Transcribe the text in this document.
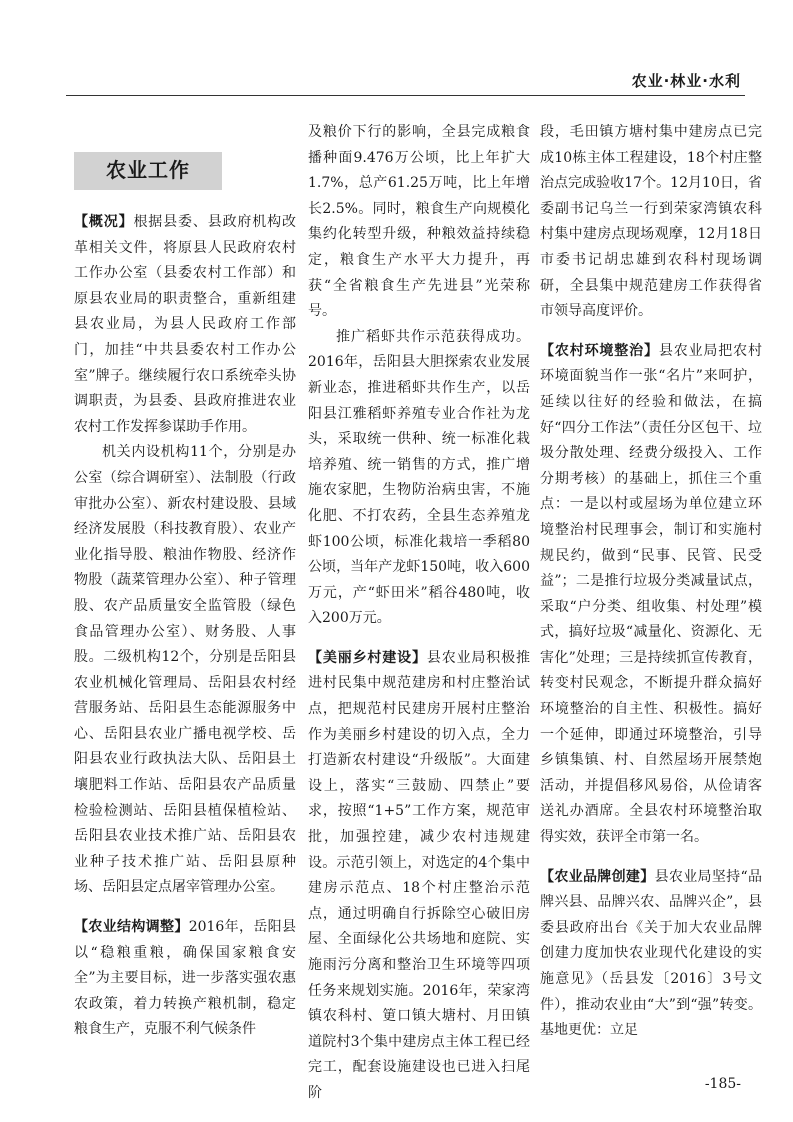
农业·林业·水利
农业工作

【概况】根据县委、县政府机构改革相关文件，将原县人民政府农村工作办公室（县委农村工作部）和原县农业局的职责整合，重新组建县农业局，为县人民政府工作部门，加挂“中共县委农村工作办公室”牌子。继续履行农口系统牵头协调职责，为县委、县政府推进农业农村工作发挥参谋助手作用。

机关内设机构11个，分别是办公室（综合调研室）、法制股（行政审批办公室）、新农村建设股、县域经济发展股（科技教育股）、农业产业化指导股、粮油作物股、经济作物股（蔬菜管理办公室）、种子管理股、农产品质量安全监管股（绿色食品管理办公室）、财务股、人事股。二级机构12个，分别是岳阳县农业机械化管理局、岳阳县农村经营服务站、岳阳县生态能源服务中心、岳阳县农业广播电视学校、岳阳县农业行政执法大队、岳阳县土壤肥料工作站、岳阳县农产品质量检验检测站、岳阳县植保植检站、岳阳县农业技术推广站、岳阳县农业种子技术推广站、岳阳县原种场、岳阳县定点屠宰管理办公室。

【农业结构调整】2016年，岳阳县以“稳粮重粮，确保国家粮食安全”为主要目标，进一步落实强农惠农政策，着力转换产粮机制，稳定粮食生产，克服不利气候条件

及粮价下行的影响，全县完成粮食播种面9.476万公顷，比上年扩大1.7%，总产61.25万吨，比上年增长2.5%。同时，粮食生产向规模化集约化转型升级，种粮效益持续稳定，粮食生产水平大力提升，再获“全省粮食生产先进县”光荣称号。

推广稻虾共作示范获得成功。2016年，岳阳县大胆探索农业发展新业态，推进稻虾共作生产，以岳阳县江雅稻虾养殖专业合作社为龙头，采取统一供种、统一标准化栽培养殖、统一销售的方式，推广增施农家肥，生物防治病虫害，不施化肥、不打农药，全县生态养殖龙虾100公顷，标准化栽培一季稻80公顷，当年产龙虾150吨，收入600万元，产“虾田米”稻谷480吨，收入200万元。

【美丽乡村建设】县农业局积极推进村民集中规范建房和村庄整治试点，把规范村民建房开展村庄整治作为美丽乡村建设的切入点，全力打造新农村建设“升级版”。大面建设上，落实“三鼓励、四禁止”要求，按照“1+5”工作方案，规范审批，加强控建，减少农村违规建设。示范引领上，对选定的4个集中建房示范点、18个村庄整治示范点，通过明确自行拆除空心破旧房屋、全面绿化公共场地和庭院、实施雨污分离和整治卫生环境等四项任务来规划实施。2016年，荣家湾镇农科村、筻口镇大塘村、月田镇道院村3个集中建房点主体工程已经完工，配套设施建设也已进入扫尾阶

段，毛田镇方塘村集中建房点已完成10栋主体工程建设，18个村庄整治点完成验收17个。12月10日，省委副书记乌兰一行到荣家湾镇农科村集中建房点现场观摩，12月18日市委书记胡忠雄到农科村现场调研，全县集中规范建房工作获得省市领导高度评价。

【农村环境整治】县农业局把农村环境面貌当作一张“名片”来呵护，延续以往好的经验和做法，在搞好“四分工作法”（责任分区包干、垃圾分散处理、经费分级投入、工作分期考核）的基础上，抓住三个重点：一是以村或屋场为单位建立环境整治村民理事会，制订和实施村规民约，做到“民事、民管、民受益”；二是推行垃圾分类减量试点，采取“户分类、组收集、村处理”模式，搞好垃圾“减量化、资源化、无害化”处理；三是持续抓宣传教育，转变村民观念，不断提升群众搞好环境整治的自主性、积极性。搞好一个延伸，即通过环境整治，引导乡镇集镇、村、自然屋场开展禁炮活动，并提倡移风易俗，从俭请客送礼办酒席。全县农村环境整治取得实效，获评全市第一名。

【农业品牌创建】县农业局坚持“品牌兴县、品牌兴农、品牌兴企”，县委县政府出台《关于加大农业品牌创建力度加快农业现代化建设的实施意见》（岳县发〔2016〕3号文件），推动农业由“大”到“强”转变。基地更优：立足

-185-
